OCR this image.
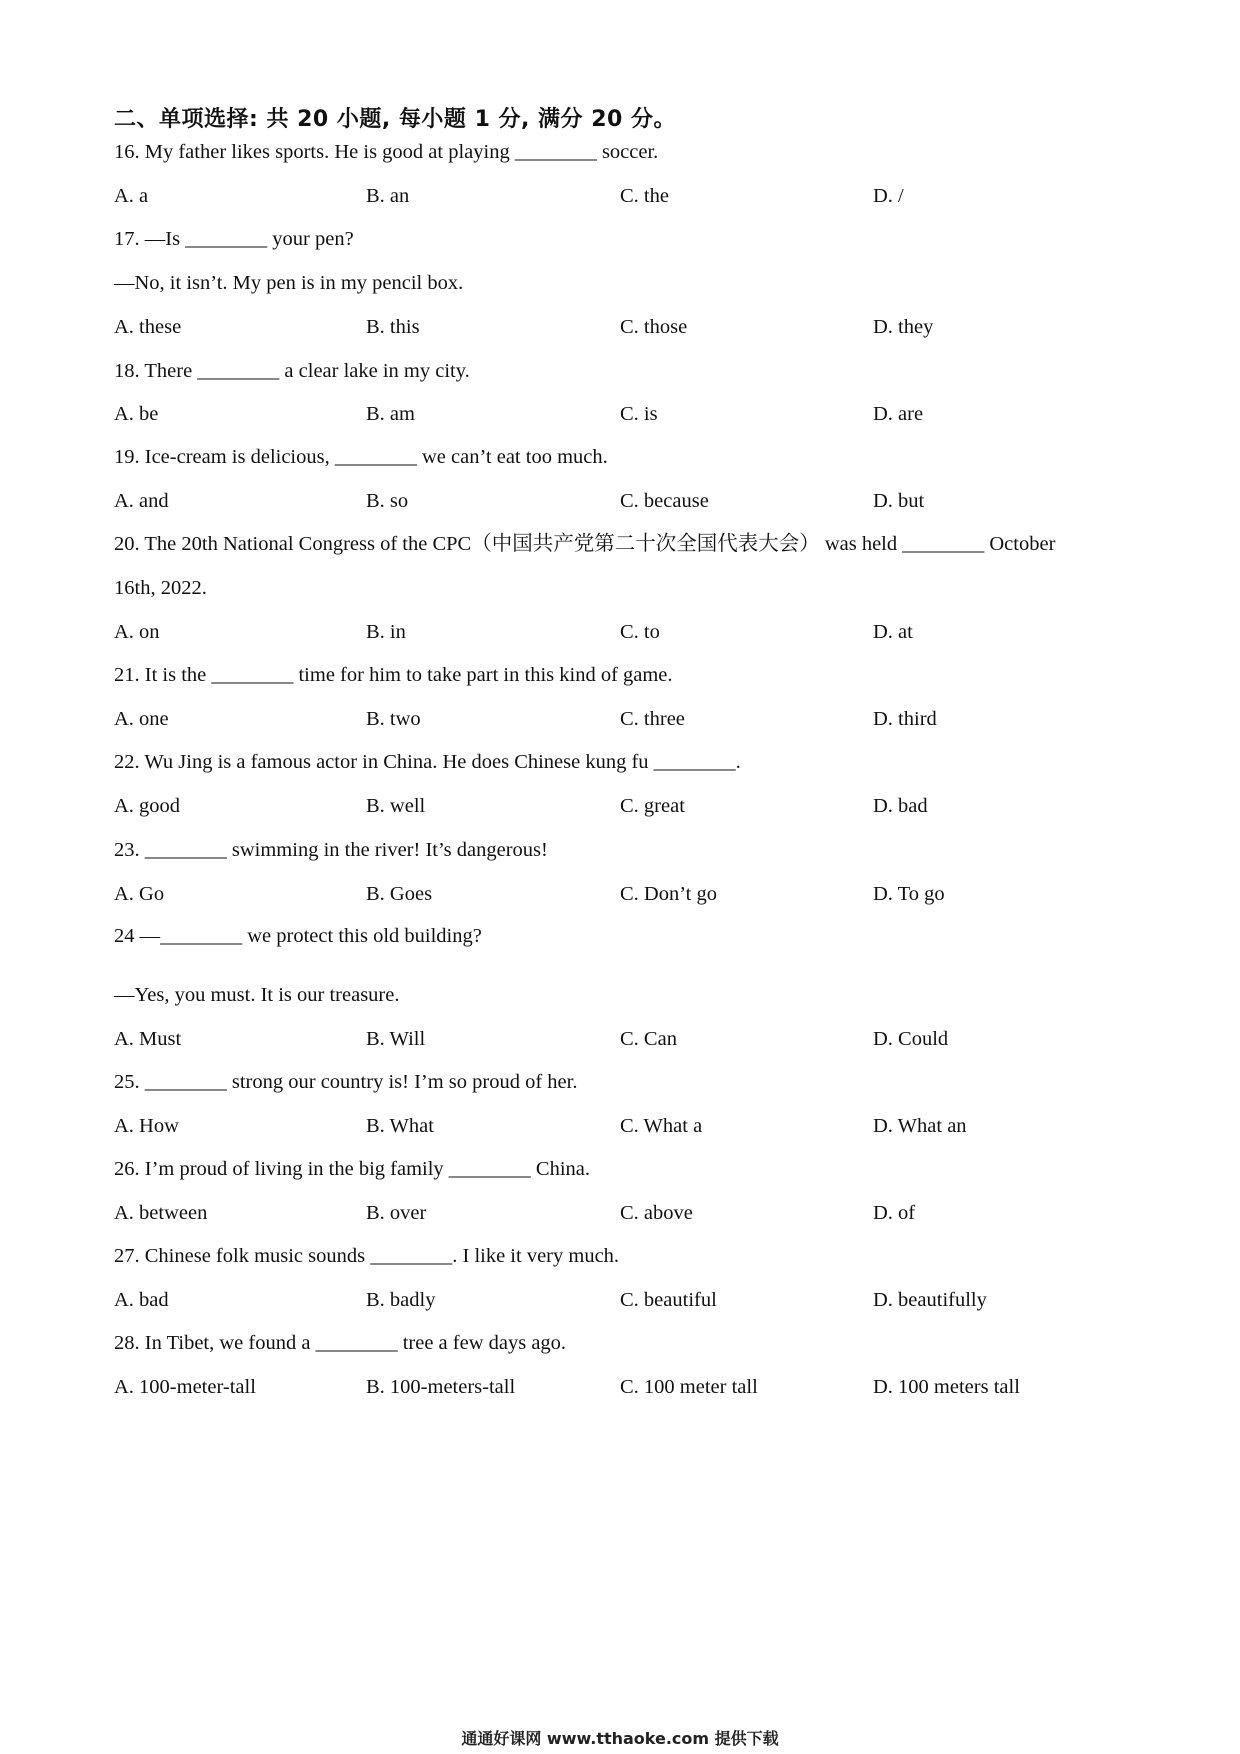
二、单项选择: 共 20 小题, 每小题 1 分, 满分 20 分。
16. My father likes sports. He is good at playing ________ soccer.
A. a	B. an	C. the	D. /
17. —Is ________ your pen?
—No, it isn’t. My pen is in my pencil box.
A. these	B. this	C. those	D. they
18. There ________ a clear lake in my city.
A. be	B. am	C. is	D. are
19. Ice-cream is delicious, ________ we can’t eat too much.
A. and	B. so	C. because	D. but
20. The 20th National Congress of the CPC（中国共产党第二十次全国代表大会） was held ________ October
16th, 2022.
A. on	B. in	C. to	D. at
21. It is the ________ time for him to take part in this kind of game.
A. one	B. two	C. three	D. third
22. Wu Jing is a famous actor in China. He does Chinese kung fu ________.
A. good	B. well	C. great	D. bad
23. ________ swimming in the river! It’s dangerous!
A. Go	B. Goes	C. Don’t go	D. To go
24 —________ we protect this old building?
—Yes, you must. It is our treasure.
A. Must	B. Will	C. Can	D. Could
25. ________ strong our country is! I’m so proud of her.
A. How	B. What	C. What a	D. What an
26. I’m proud of living in the big family ________ China.
A. between	B. over	C. above	D. of
27. Chinese folk music sounds ________. I like it very much.
A. bad	B. badly	C. beautiful	D. beautifully
28. In Tibet, we found a ________ tree a few days ago.
A. 100-meter-tall	B. 100-meters-tall	C. 100 meter tall	D. 100 meters tall
通通好课网 www.tthaoke.com 提供下载
